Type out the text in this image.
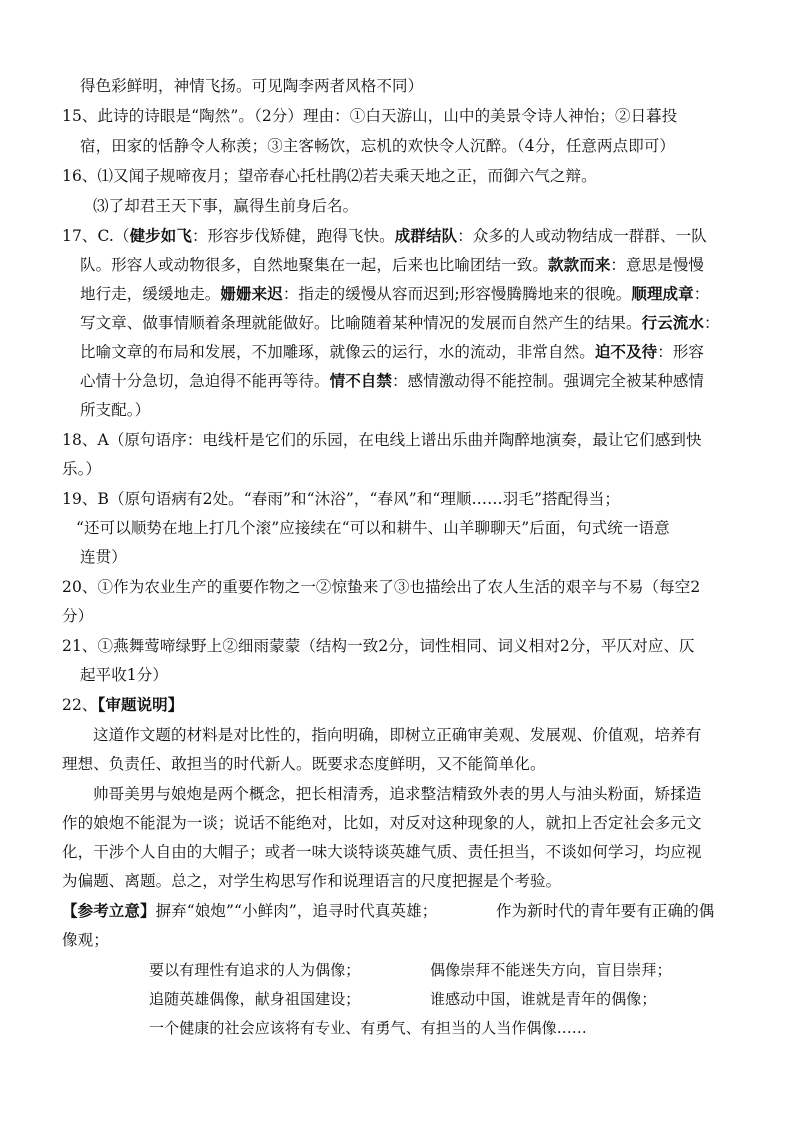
得色彩鲜明，神情飞扬。可见陶李两者风格不同）
15、此诗的诗眼是“陶然”。（2分）理由：①白天游山，山中的美景令诗人神怡；②日暮投
宿，田家的恬静令人称羡；③主客畅饮，忘机的欢快令人沉醉。（4分，任意两点即可）
16、⑴又闻子规啼夜月；望帝春心托杜鹃⑵若夫乘天地之正，而御六气之辩。
⑶了却君王天下事，赢得生前身后名。
17、C.（健步如飞：形容步伐矫健，跑得飞快。成群结队：众多的人或动物结成一群群、一队
队。形容人或动物很多，自然地聚集在一起，后来也比喻团结一致。款款而来：意思是慢慢
地行走，缓缓地走。姗姗来迟：指走的缓慢从容而迟到;形容慢腾腾地来的很晚。顺理成章：
写文章、做事情顺着条理就能做好。比喻随着某种情况的发展而自然产生的结果。行云流水：
比喻文章的布局和发展，不加雕琢，就像云的运行，水的流动，非常自然。迫不及待：形容
心情十分急切，急迫得不能再等待。情不自禁：感情激动得不能控制。强调完全被某种感情
所支配。）
18、A（原句语序：电线杆是它们的乐园，在电线上谱出乐曲并陶醉地演奏，最让它们感到快
乐。）
19、B（原句语病有2处。“春雨”和“沐浴”，“春风”和“理顺……羽毛”搭配得当；
“还可以顺势在地上打几个滚”应接续在“可以和耕牛、山羊聊聊天”后面，句式统一语意
连贯）
20、①作为农业生产的重要作物之一②惊蛰来了③也描绘出了农人生活的艰辛与不易（每空2
分）
21、①燕舞莺啼绿野上②细雨蒙蒙（结构一致2分，词性相同、词义相对2分，平仄对应、仄
起平收1分）
22、【审题说明】
这道作文题的材料是对比性的，指向明确，即树立正确审美观、发展观、价值观，培养有
理想、负责任、敢担当的时代新人。既要求态度鲜明，又不能简单化。
帅哥美男与娘炮是两个概念，把长相清秀，追求整洁精致外表的男人与油头粉面，矫揉造
作的娘炮不能混为一谈；说话不能绝对，比如，对反对这种现象的人，就扣上否定社会多元文
化，干涉个人自由的大帽子；或者一味大谈特谈英雄气质、责任担当，不谈如何学习，均应视
为偏题、离题。总之，对学生构思写作和说理语言的尺度把握是个考验。
【参考立意】摒弃“娘炮”“小鲜肉”，追寻时代真英雄；	作为新时代的青年要有正确的偶
像观；
要以有理性有追求的人为偶像；	偶像崇拜不能迷失方向，盲目崇拜；
追随英雄偶像，献身祖国建设；	谁感动中国，谁就是青年的偶像；
一个健康的社会应该将有专业、有勇气、有担当的人当作偶像……
